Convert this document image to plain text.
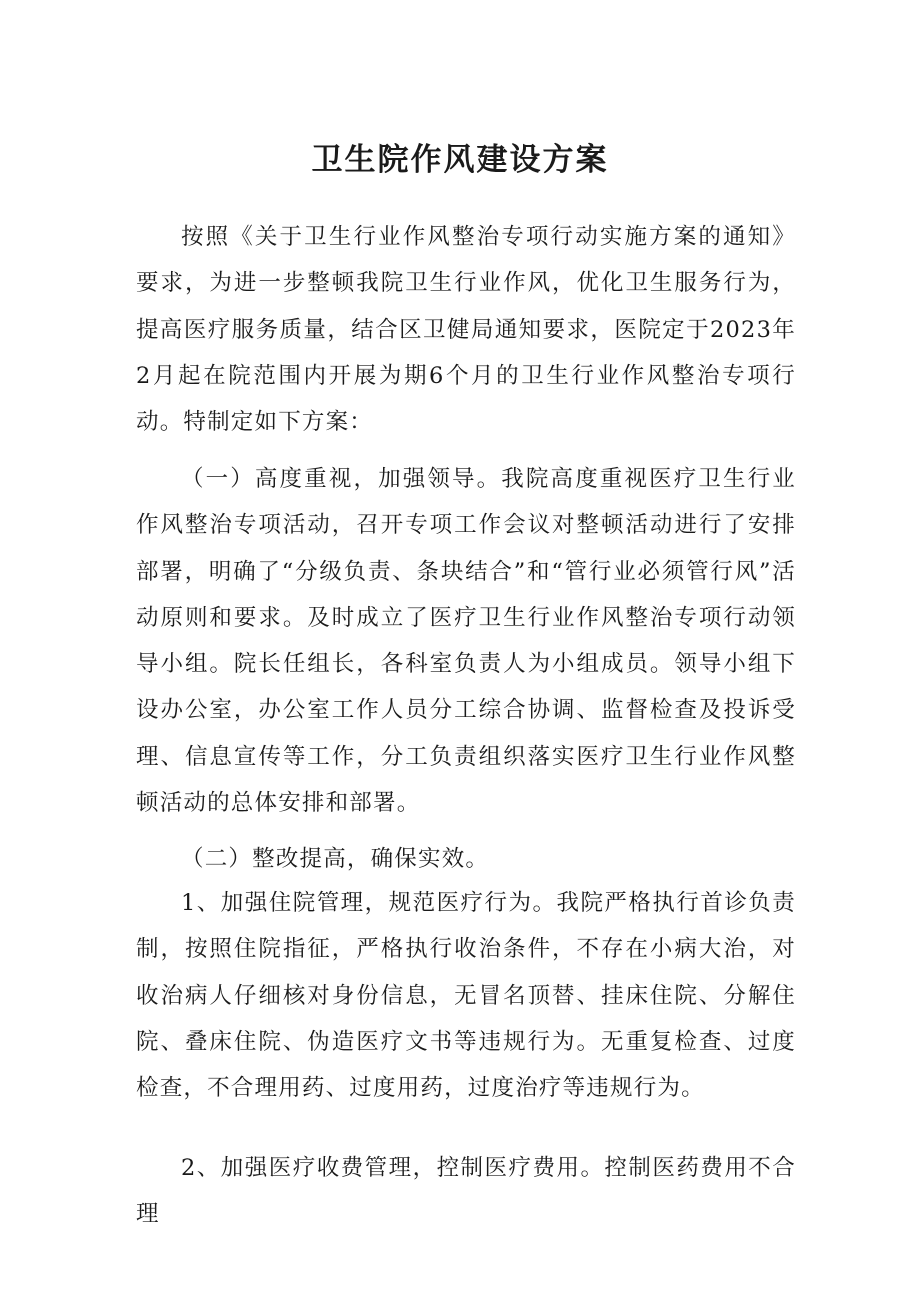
卫生院作风建设方案

按照《关于卫生行业作风整治专项行动实施方案的通知》要求，为进一步整顿我院卫生行业作风，优化卫生服务行为，提高医疗服务质量，结合区卫健局通知要求，医院定于2023年2月起在院范围内开展为期6个月的卫生行业作风整治专项行动。特制定如下方案：

（一）高度重视，加强领导。我院高度重视医疗卫生行业作风整治专项活动，召开专项工作会议对整顿活动进行了安排部署，明确了“分级负责、条块结合”和“管行业必须管行风”活动原则和要求。及时成立了医疗卫生行业作风整治专项行动领导小组。院长任组长，各科室负责人为小组成员。领导小组下设办公室，办公室工作人员分工综合协调、监督检查及投诉受理、信息宣传等工作，分工负责组织落实医疗卫生行业作风整顿活动的总体安排和部署。

（二）整改提高，确保实效。

1、加强住院管理，规范医疗行为。我院严格执行首诊负责制，按照住院指征，严格执行收治条件，不存在小病大治，对收治病人仔细核对身份信息，无冒名顶替、挂床住院、分解住院、叠床住院、伪造医疗文书等违规行为。无重复检查、过度检查，不合理用药、过度用药，过度治疗等违规行为。

2、加强医疗收费管理，控制医疗费用。控制医药费用不合理
